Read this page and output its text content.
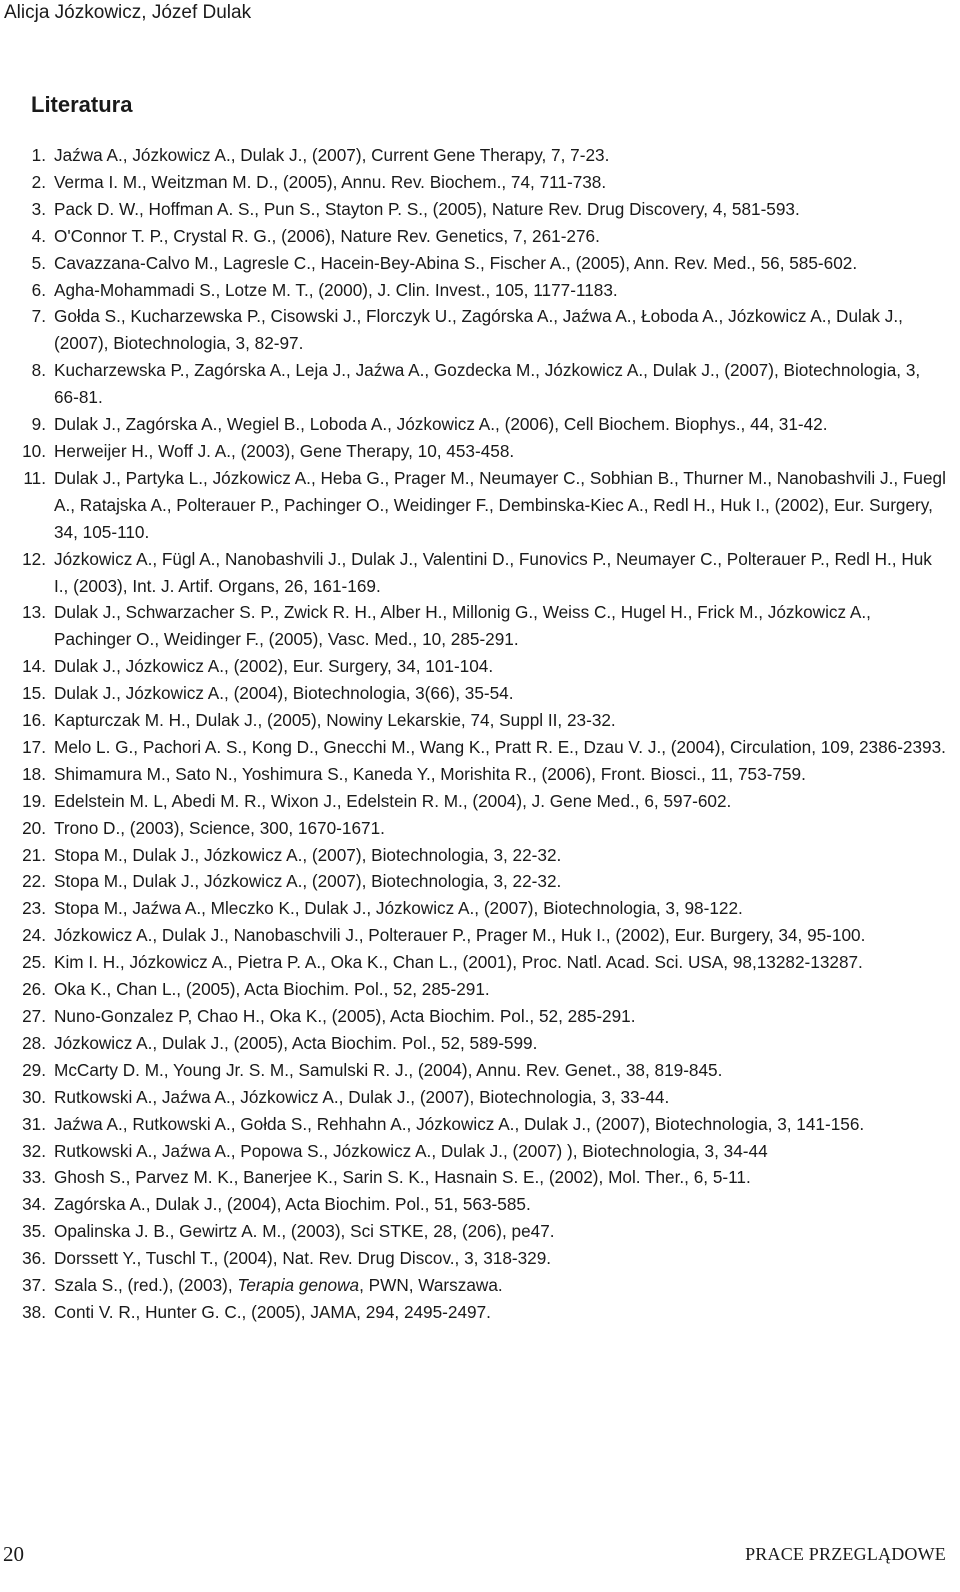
Alicja Józkowicz, Józef Dulak
Literatura
1. Jaźwa A., Józkowicz A., Dulak J., (2007), Current Gene Therapy, 7, 7-23.
2. Verma I. M., Weitzman M. D., (2005), Annu. Rev. Biochem., 74, 711-738.
3. Pack D. W., Hoffman A. S., Pun S., Stayton P. S., (2005), Nature Rev. Drug Discovery, 4, 581-593.
4. O'Connor T. P., Crystal R. G., (2006), Nature Rev. Genetics, 7, 261-276.
5. Cavazzana-Calvo M., Lagresle C., Hacein-Bey-Abina S., Fischer A., (2005), Ann. Rev. Med., 56, 585-602.
6. Agha-Mohammadi S., Lotze M. T., (2000), J. Clin. Invest., 105, 1177-1183.
7. Gołda S., Kucharzewska P., Cisowski J., Florczyk U., Zagórska A., Jaźwa A., Łoboda A., Józkowicz A., Dulak J., (2007), Biotechnologia, 3, 82-97.
8. Kucharzewska P., Zagórska A., Leja J., Jaźwa A., Gozdecka M., Józkowicz A., Dulak J., (2007), Biotechnologia, 3, 66-81.
9. Dulak J., Zagórska A., Wegiel B., Loboda A., Józkowicz A., (2006), Cell Biochem. Biophys., 44, 31-42.
10. Herweijer H., Woff J. A., (2003), Gene Therapy, 10, 453-458.
11. Dulak J., Partyka L., Józkowicz A., Heba G., Prager M., Neumayer C., Sobhian B., Thurner M., Nanobashvili J., Fuegl A., Ratajska A., Polterauer P., Pachinger O., Weidinger F., Dembinska-Kiec A., Redl H., Huk I., (2002), Eur. Surgery, 34, 105-110.
12. Józkowicz A., Fügl A., Nanobashvili J., Dulak J., Valentini D., Funovics P., Neumayer C., Polterauer P., Redl H., Huk I., (2003), Int. J. Artif. Organs, 26, 161-169.
13. Dulak J., Schwarzacher S. P., Zwick R. H., Alber H., Millonig G., Weiss C., Hugel H., Frick M., Józkowicz A., Pachinger O., Weidinger F., (2005), Vasc. Med., 10, 285-291.
14. Dulak J., Józkowicz A., (2002), Eur. Surgery, 34, 101-104.
15. Dulak J., Józkowicz A., (2004), Biotechnologia, 3(66), 35-54.
16. Kapturczak M. H., Dulak J., (2005), Nowiny Lekarskie, 74, Suppl II, 23-32.
17. Melo L. G., Pachori A. S., Kong D., Gnecchi M., Wang K., Pratt R. E., Dzau V. J., (2004), Circulation, 109, 2386-2393.
18. Shimamura M., Sato N., Yoshimura S., Kaneda Y., Morishita R., (2006), Front. Biosci., 11, 753-759.
19. Edelstein M. L, Abedi M. R., Wixon J., Edelstein R. M., (2004), J. Gene Med., 6, 597-602.
20. Trono D., (2003), Science, 300, 1670-1671.
21. Stopa M., Dulak J., Józkowicz A., (2007), Biotechnologia, 3, 22-32.
22. Stopa M., Dulak J., Józkowicz A., (2007), Biotechnologia, 3, 22-32.
23. Stopa M., Jaźwa A., Mleczko K., Dulak J., Józkowicz A., (2007), Biotechnologia, 3, 98-122.
24. Józkowicz A., Dulak J., Nanobaschvili J., Polterauer P., Prager M., Huk I., (2002), Eur. Burgery, 34, 95-100.
25. Kim I. H., Józkowicz A., Pietra P. A., Oka K., Chan L., (2001), Proc. Natl. Acad. Sci. USA, 98,13282-13287.
26. Oka K., Chan L., (2005), Acta Biochim. Pol., 52, 285-291.
27. Nuno-Gonzalez P, Chao H., Oka K., (2005), Acta Biochim. Pol., 52, 285-291.
28. Józkowicz A., Dulak J., (2005), Acta Biochim. Pol., 52, 589-599.
29. McCarty D. M., Young Jr. S. M., Samulski R. J., (2004), Annu. Rev. Genet., 38, 819-845.
30. Rutkowski A., Jaźwa A., Józkowicz A., Dulak J., (2007), Biotechnologia, 3, 33-44.
31. Jaźwa A., Rutkowski A., Gołda S., Rehhahn A., Józkowicz A., Dulak J., (2007), Biotechnologia, 3, 141-156.
32. Rutkowski A., Jaźwa A., Popowa S., Józkowicz A., Dulak J., (2007) ), Biotechnologia, 3, 34-44
33. Ghosh S., Parvez M. K., Banerjee K., Sarin S. K., Hasnain S. E., (2002), Mol. Ther., 6, 5-11.
34. Zagórska A., Dulak J., (2004), Acta Biochim. Pol., 51, 563-585.
35. Opalinska J. B., Gewirtz A. M., (2003), Sci STKE, 28, (206), pe47.
36. Dorssett Y., Tuschl T., (2004), Nat. Rev. Drug Discov., 3, 318-329.
37. Szala S., (red.), (2003), Terapia genowa, PWN, Warszawa.
38. Conti V. R., Hunter G. C., (2005), JAMA, 294, 2495-2497.
20	PRACE PRZEGLĄDOWE
